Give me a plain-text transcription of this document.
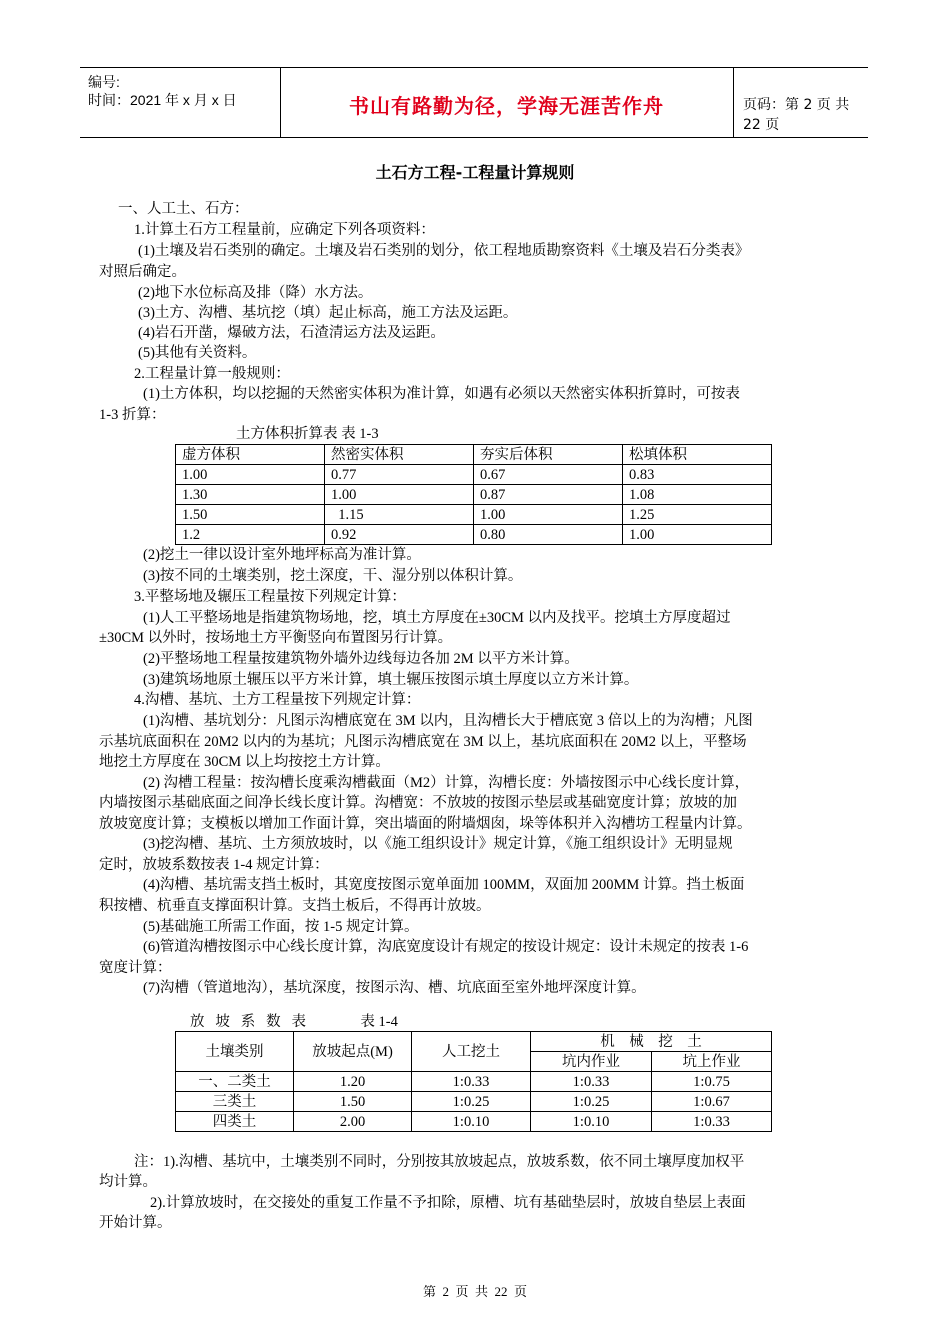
编号:
时间：2021 年 x 月 x 日	书山有路勤为径，学海无涯苦作舟	页码：第 2 页 共 22 页
土石方工程-工程量计算规则
一、人工土、石方：
1.计算土石方工程量前，应确定下列各项资料：
(1)土壤及岩石类别的确定。土壤及岩石类别的划分，依工程地质勘察资料《土壤及岩石分类表》
对照后确定。
(2)地下水位标高及排（降）水方法。
(3)土方、沟槽、基坑挖（填）起止标高，施工方法及运距。
(4)岩石开凿，爆破方法，石渣清运方法及运距。
(5)其他有关资料。
2.工程量计算一般规则：
(1)土方体积，均以挖掘的天然密实体积为准计算，如遇有必须以天然密实体积折算时，可按表
1-3 折算：
土方体积折算表 表 1-3
虚方体积	然密实体积	夯实后体积	松填体积
1.00	0.77	0.67	0.83
1.30	1.00	0.87	1.08
1.50	1.15	1.00	1.25
1.2	0.92	0.80	1.00
(2)挖土一律以设计室外地坪标高为准计算。
(3)按不同的土壤类别，挖土深度，干、湿分别以体积计算。
3.平整场地及辗压工程量按下列规定计算：
(1)人工平整场地是指建筑物场地，挖，填土方厚度在±30CM 以内及找平。挖填土方厚度超过
±30CM 以外时，按场地土方平衡竖向布置图另行计算。
(2)平整场地工程量按建筑物外墙外边线每边各加 2M 以平方米计算。
(3)建筑场地原土辗压以平方米计算，填土辗压按图示填土厚度以立方米计算。
4.沟槽、基坑、土方工程量按下列规定计算：
(1)沟槽、基坑划分：凡图示沟槽底宽在 3M 以内，且沟槽长大于槽底宽 3 倍以上的为沟槽；凡图
示基坑底面积在 20M2 以内的为基坑；凡图示沟槽底宽在 3M 以上，基坑底面积在 20M2 以上，平整场
地挖土方厚度在 30CM 以上均按挖土方计算。
(2) 沟槽工程量：按沟槽长度乘沟槽截面（M2）计算，沟槽长度：外墙按图示中心线长度计算，
内墙按图示基础底面之间净长线长度计算。沟槽宽：不放坡的按图示垫层或基础宽度计算；放坡的加
放坡宽度计算；支模板以增加工作面计算，突出墙面的附墙烟囱，垛等体积并入沟槽坊工程量内计算。
(3)挖沟槽、基坑、土方须放坡时，以《施工组织设计》规定计算，《施工组织设计》无明显规
定时，放坡系数按表 1-4 规定计算：
(4)沟槽、基坑需支挡土板时，其宽度按图示宽单面加 100MM，双面加 200MM 计算。挡土板面
积按槽、杭垂直支撑面积计算。支挡土板后，不得再计放坡。
(5)基础施工所需工作面，按 1-5 规定计算。
(6)管道沟槽按图示中心线长度计算，沟底宽度设计有规定的按设计规定：设计未规定的按表 1-6
宽度计算：
(7)沟槽（管道地沟），基坑深度，按图示沟、槽、坑底面至室外地坪深度计算。
放   坡   系   数   表               表 1-4
土壤类别	放坡起点(M)	人工挖土	机    械    挖    土	
			坑内作业	坑上作业
一、二类土	1.20	1:0.33	1:0.33	1:0.75
三类土	1.50	1:0.25	1:0.25	1:0.67
四类土	2.00	1:0.10	1:0.10	1:0.33
注：1).沟槽、基坑中，土壤类别不同时，分别按其放坡起点，放坡系数，依不同土壤厚度加权平
均计算。
2).计算放坡时，在交接处的重复工作量不予扣除，原槽、坑有基础垫层时，放坡自垫层上表面
开始计算。
第  2  页  共  22  页
